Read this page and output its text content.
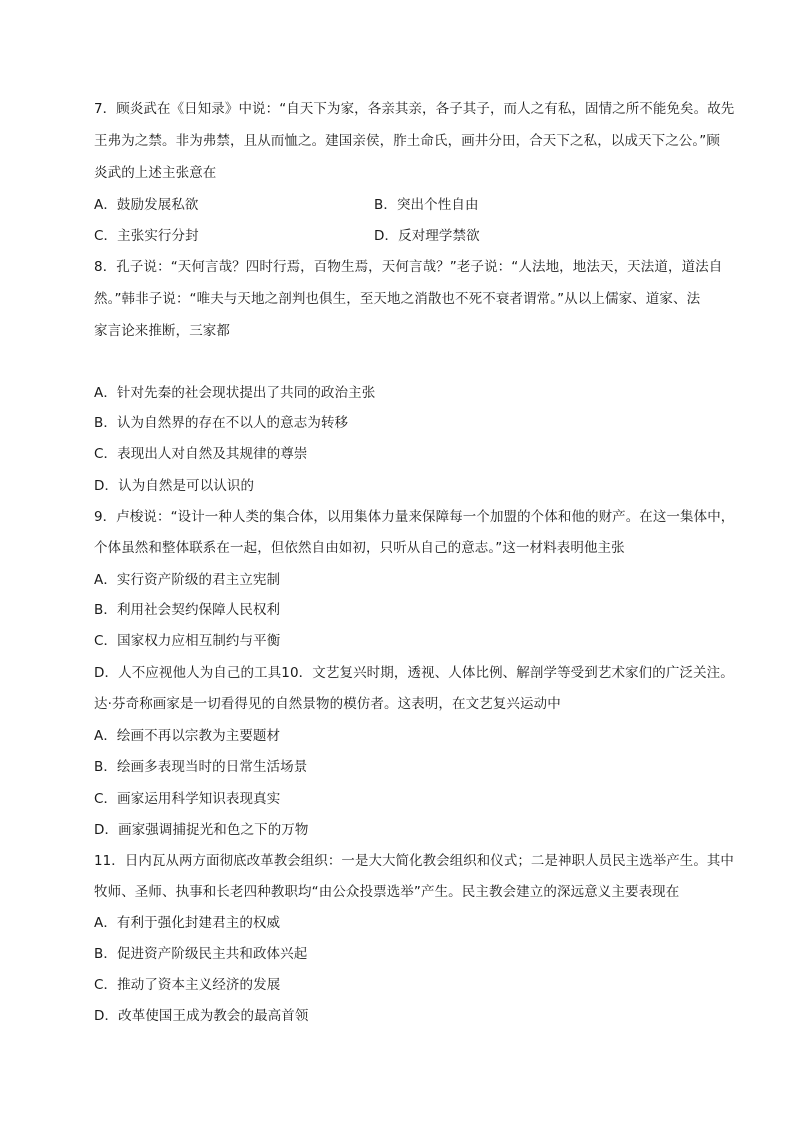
7．顾炎武在《日知录》中说：“自天下为家，各亲其亲，各子其子，而人之有私，固情之所不能免矣。故先
王弗为之禁。非为弗禁，且从而恤之。建国亲侯，胙土命氏，画井分田，合天下之私，以成天下之公。”顾
炎武的上述主张意在
A．鼓励发展私欲	B．突出个性自由
C．主张实行分封	D．反对理学禁欲
8．孔子说：“天何言哉？四时行焉，百物生焉，天何言哉？”老子说：“人法地，地法天，天法道，道法自
然。”韩非子说：“唯夫与天地之剖判也俱生，至天地之消散也不死不衰者谓常。”从以上儒家、道家、法
家言论来推断，三家都
A．针对先秦的社会现状提出了共同的政治主张
B．认为自然界的存在不以人的意志为转移
C．表现出人对自然及其规律的尊崇
D．认为自然是可以认识的
9．卢梭说：“设计一种人类的集合体，以用集体力量来保障每一个加盟的个体和他的财产。在这一集体中，
个体虽然和整体联系在一起，但依然自由如初，只听从自己的意志。”这一材料表明他主张
A．实行资产阶级的君主立宪制
B．利用社会契约保障人民权利
C．国家权力应相互制约与平衡
D．人不应视他人为自己的工具10．文艺复兴时期，透视、人体比例、解剖学等受到艺术家们的广泛关注。
达·芬奇称画家是一切看得见的自然景物的模仿者。这表明，在文艺复兴运动中
A．绘画不再以宗教为主要题材
B．绘画多表现当时的日常生活场景
C．画家运用科学知识表现真实
D．画家强调捕捉光和色之下的万物
11．日内瓦从两方面彻底改革教会组织：一是大大简化教会组织和仪式；二是神职人员民主选举产生。其中
牧师、圣师、执事和长老四种教职均“由公众投票选举”产生。民主教会建立的深远意义主要表现在
A．有利于强化封建君主的权威
B．促进资产阶级民主共和政体兴起
C．推动了资本主义经济的发展
D．改革使国王成为教会的最高首领
